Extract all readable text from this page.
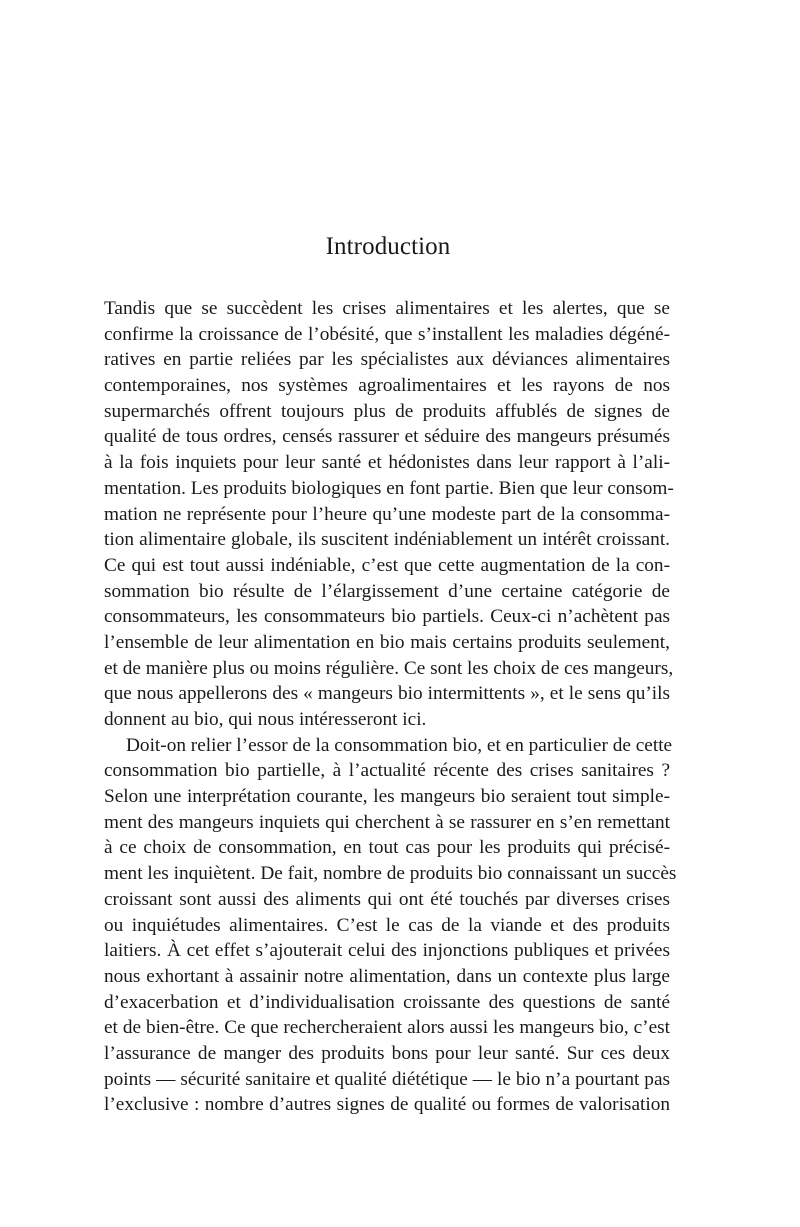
Introduction
Tandis que se succèdent les crises alimentaires et les alertes, que se
confirme la croissance de l’obésité, que s’installent les maladies dégéné-
ratives en partie reliées par les spécialistes aux déviances alimentaires
contemporaines, nos systèmes agroalimentaires et les rayons de nos
supermarchés offrent toujours plus de produits affublés de signes de
qualité de tous ordres, censés rassurer et séduire des mangeurs présumés
à la fois inquiets pour leur santé et hédonistes dans leur rapport à l’ali-
mentation. Les produits biologiques en font partie. Bien que leur consom-
mation ne représente pour l’heure qu’une modeste part de la consomma-
tion alimentaire globale, ils suscitent indéniablement un intérêt croissant.
Ce qui est tout aussi indéniable, c’est que cette augmentation de la con-
sommation bio résulte de l’élargissement d’une certaine catégorie de
consommateurs, les consommateurs bio partiels. Ceux-ci n’achètent pas
l’ensemble de leur alimentation en bio mais certains produits seulement,
et de manière plus ou moins régulière. Ce sont les choix de ces mangeurs,
que nous appellerons des « mangeurs bio intermittents », et le sens qu’ils
donnent au bio, qui nous intéresseront ici.
Doit-on relier l’essor de la consommation bio, et en particulier de cette
consommation bio partielle, à l’actualité récente des crises sanitaires ?
Selon une interprétation courante, les mangeurs bio seraient tout simple-
ment des mangeurs inquiets qui cherchent à se rassurer en s’en remettant
à ce choix de consommation, en tout cas pour les produits qui précisé-
ment les inquiètent. De fait, nombre de produits bio connaissant un succès
croissant sont aussi des aliments qui ont été touchés par diverses crises
ou inquiétudes alimentaires. C’est le cas de la viande et des produits
laitiers. À cet effet s’ajouterait celui des injonctions publiques et privées
nous exhortant à assainir notre alimentation, dans un contexte plus large
d’exacerbation et d’individualisation croissante des questions de santé
et de bien-être. Ce que rechercheraient alors aussi les mangeurs bio, c’est
l’assurance de manger des produits bons pour leur santé. Sur ces deux
points — sécurité sanitaire et qualité diététique — le bio n’a pourtant pas
l’exclusive : nombre d’autres signes de qualité ou formes de valorisation
